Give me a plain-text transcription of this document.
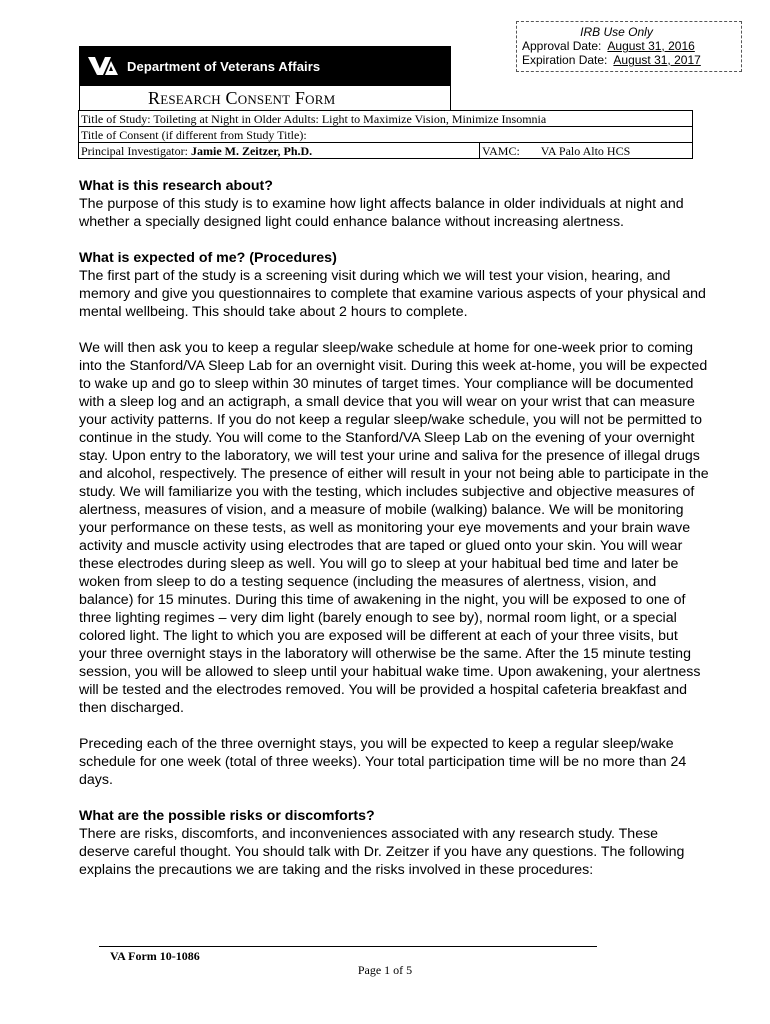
IRB Use Only
Approval Date: August 31, 2016
Expiration Date: August 31, 2017
Department of Veterans Affairs
Research Consent Form
Title of Study: Toileting at Night in Older Adults: Light to Maximize Vision, Minimize Insomnia
Title of Consent (if different from Study Title):
Principal Investigator: Jamie M. Zeitzer, Ph.D.	VAMC: VA Palo Alto HCS
What is this research about?

The purpose of this study is to examine how light affects balance in older individuals at night and whether a specially designed light could enhance balance without increasing alertness.

What is expected of me? (Procedures)

The first part of the study is a screening visit during which we will test your vision, hearing, and memory and give you questionnaires to complete that examine various aspects of your physical and mental wellbeing. This should take about 2 hours to complete.

We will then ask you to keep a regular sleep/wake schedule at home for one-week prior to coming into the Stanford/VA Sleep Lab for an overnight visit. During this week at-home, you will be expected to wake up and go to sleep within 30 minutes of target times. Your compliance will be documented with a sleep log and an actigraph, a small device that you will wear on your wrist that can measure your activity patterns. If you do not keep a regular sleep/wake schedule, you will not be permitted to continue in the study. You will come to the Stanford/VA Sleep Lab on the evening of your overnight stay. Upon entry to the laboratory, we will test your urine and saliva for the presence of illegal drugs and alcohol, respectively. The presence of either will result in your not being able to participate in the study. We will familiarize you with the testing, which includes subjective and objective measures of alertness, measures of vision, and a measure of mobile (walking) balance. We will be monitoring your performance on these tests, as well as monitoring your eye movements and your brain wave activity and muscle activity using electrodes that are taped or glued onto your skin. You will wear these electrodes during sleep as well. You will go to sleep at your habitual bed time and later be woken from sleep to do a testing sequence (including the measures of alertness, vision, and balance) for 15 minutes. During this time of awakening in the night, you will be exposed to one of three lighting regimes – very dim light (barely enough to see by), normal room light, or a special colored light. The light to which you are exposed will be different at each of your three visits, but your three overnight stays in the laboratory will otherwise be the same. After the 15 minute testing session, you will be allowed to sleep until your habitual wake time. Upon awakening, your alertness will be tested and the electrodes removed. You will be provided a hospital cafeteria breakfast and then discharged.

Preceding each of the three overnight stays, you will be expected to keep a regular sleep/wake schedule for one week (total of three weeks). Your total participation time will be no more than 24 days.

What are the possible risks or discomforts?

There are risks, discomforts, and inconveniences associated with any research study. These deserve careful thought. You should talk with Dr. Zeitzer if you have any questions. The following explains the precautions we are taking and the risks involved in these procedures:

VA Form 10-1086
Page 1 of 5
